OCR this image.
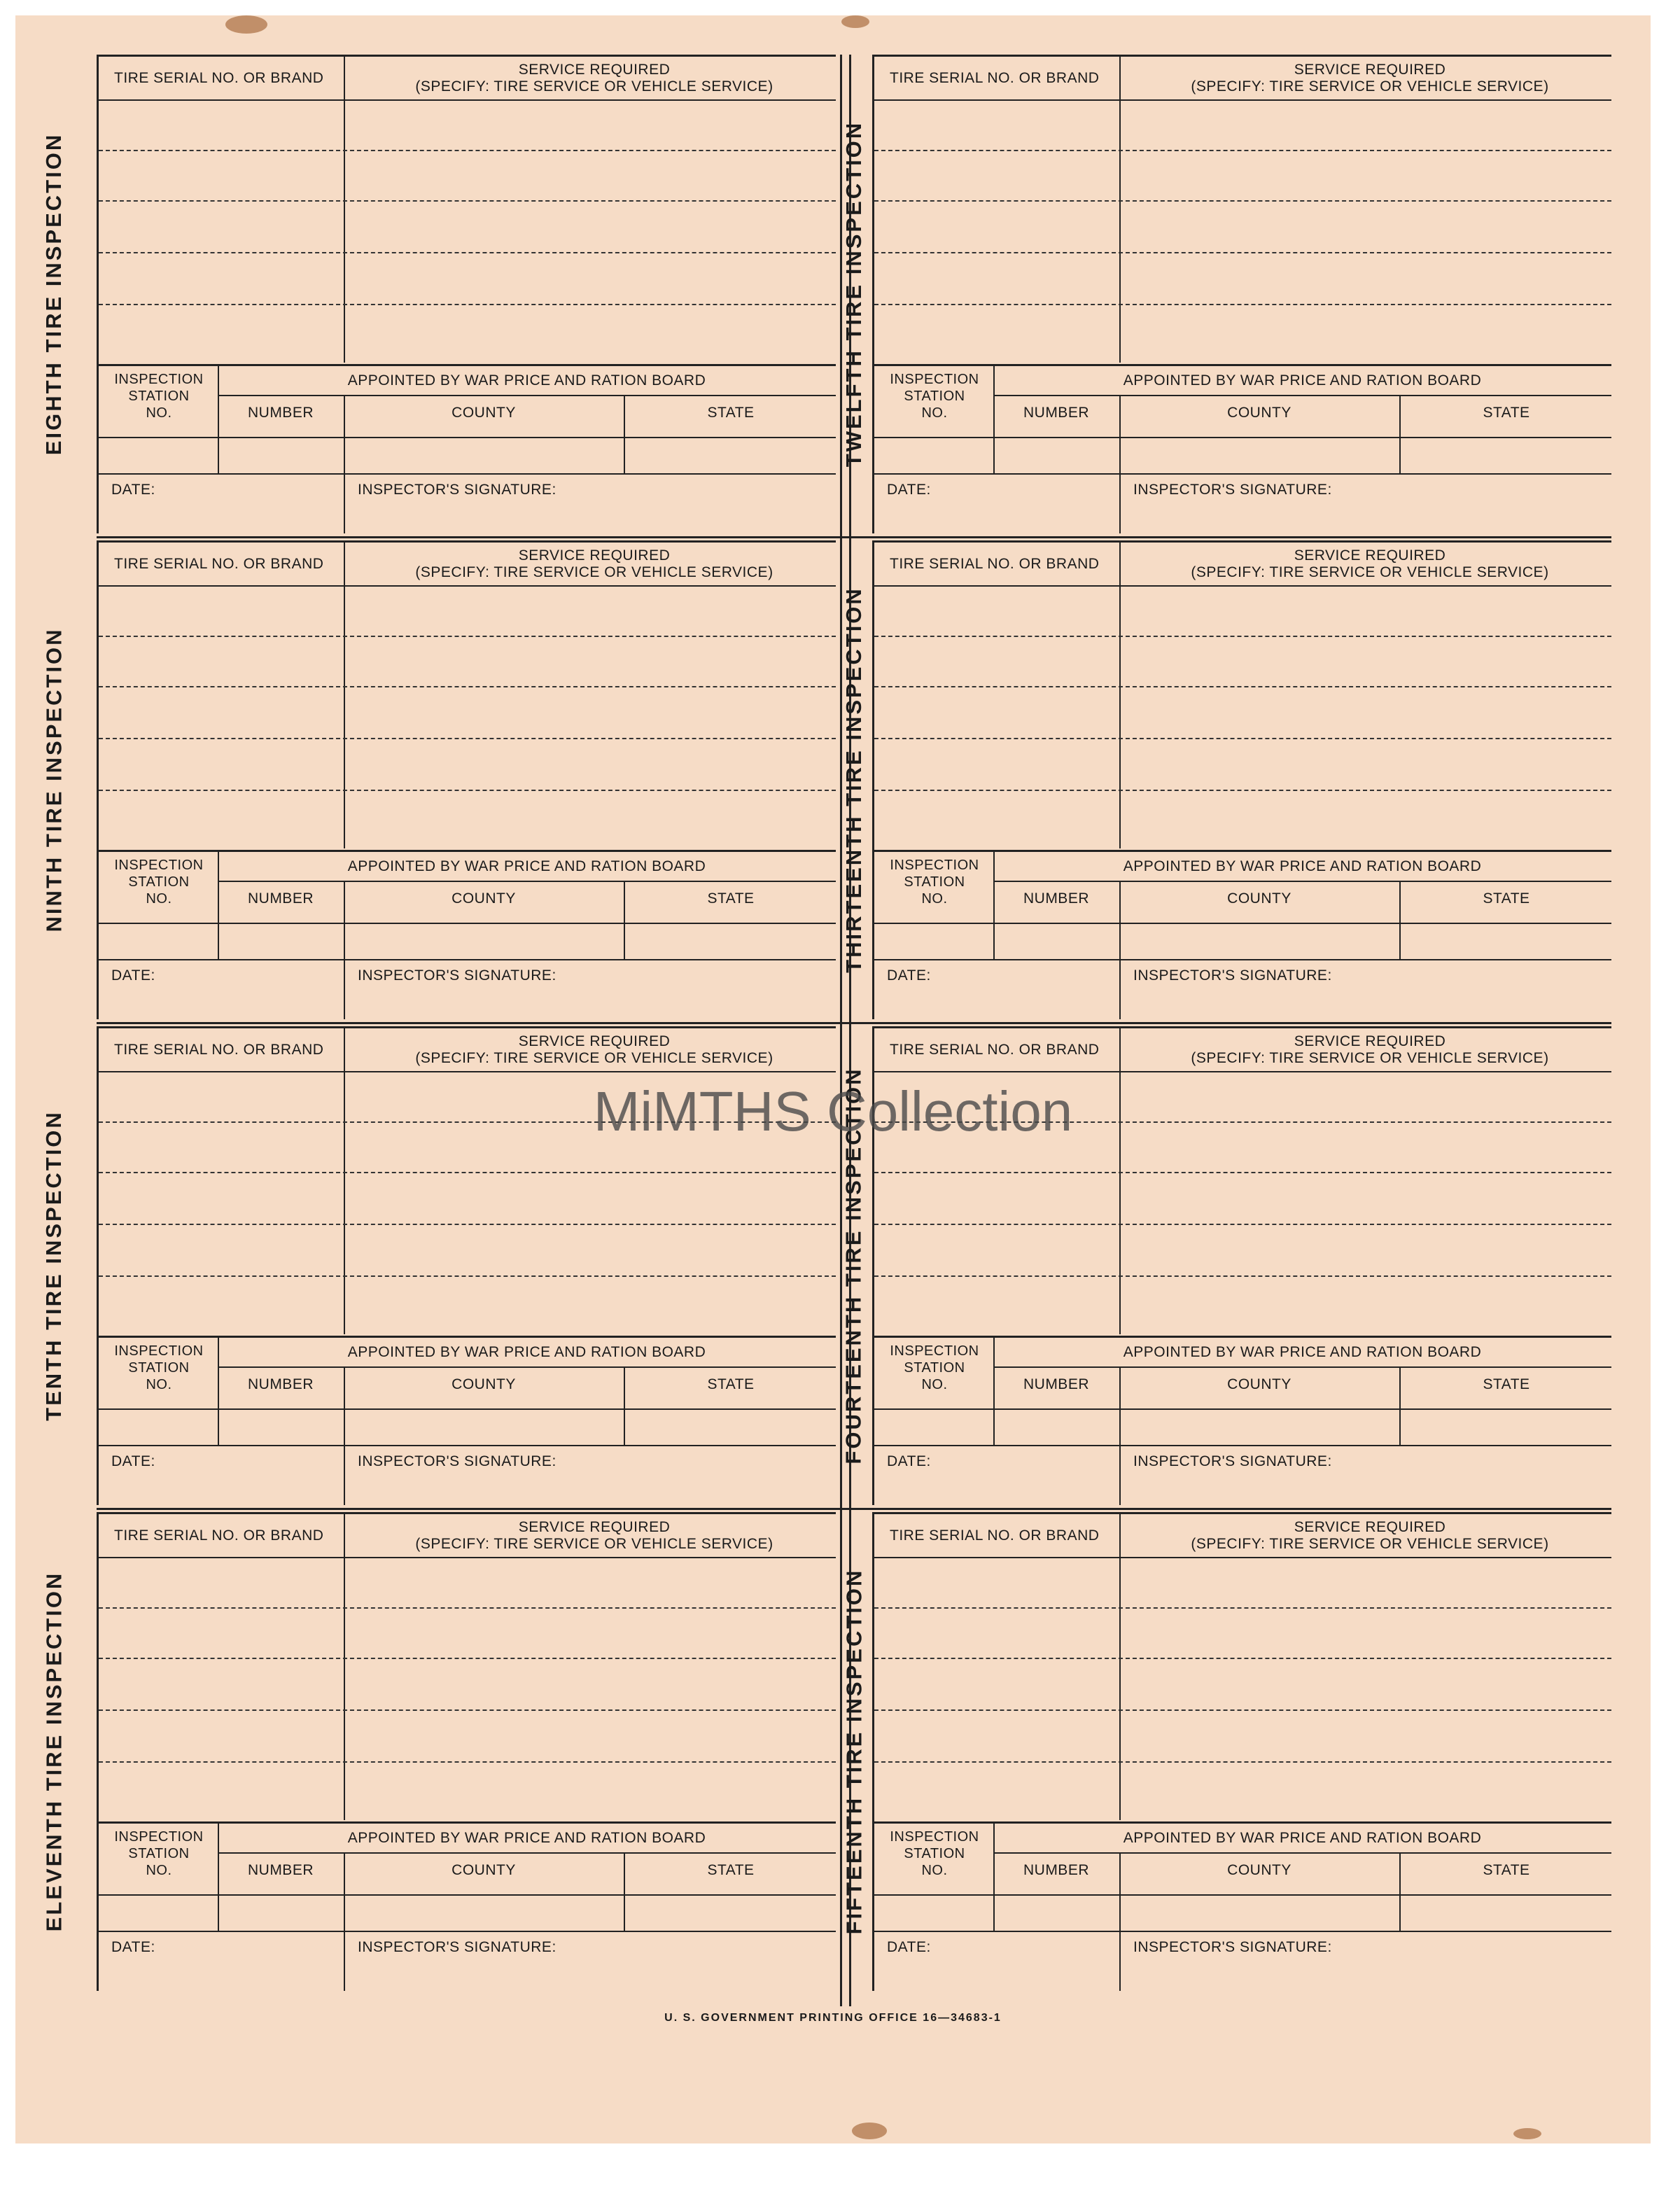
EIGHTH TIRE INSPECTION
TIRE SERIAL NO. OR BRAND
SERVICE REQUIRED
(SPECIFY: TIRE SERVICE OR VEHICLE SERVICE)
INSPECTION
STATION
NO.
APPOINTED BY WAR PRICE AND RATION BOARD
NUMBER	COUNTY	STATE
DATE:	INSPECTOR'S SIGNATURE:
NINTH TIRE INSPECTION
TIRE SERIAL NO. OR BRAND
SERVICE REQUIRED
(SPECIFY: TIRE SERVICE OR VEHICLE SERVICE)
INSPECTION
STATION
NO.
APPOINTED BY WAR PRICE AND RATION BOARD
NUMBER	COUNTY	STATE
DATE:	INSPECTOR'S SIGNATURE:
TENTH TIRE INSPECTION
TIRE SERIAL NO. OR BRAND
SERVICE REQUIRED
(SPECIFY: TIRE SERVICE OR VEHICLE SERVICE)
INSPECTION
STATION
NO.
APPOINTED BY WAR PRICE AND RATION BOARD
NUMBER	COUNTY	STATE
DATE:	INSPECTOR'S SIGNATURE:
ELEVENTH TIRE INSPECTION
TIRE SERIAL NO. OR BRAND
SERVICE REQUIRED
(SPECIFY: TIRE SERVICE OR VEHICLE SERVICE)
INSPECTION
STATION
NO.
APPOINTED BY WAR PRICE AND RATION BOARD
NUMBER	COUNTY	STATE
DATE:	INSPECTOR'S SIGNATURE:
TWELFTH TIRE INSPECTION
TIRE SERIAL NO. OR BRAND
SERVICE REQUIRED
(SPECIFY: TIRE SERVICE OR VEHICLE SERVICE)
INSPECTION
STATION
NO.
APPOINTED BY WAR PRICE AND RATION BOARD
NUMBER	COUNTY	STATE
DATE:	INSPECTOR'S SIGNATURE:
THIRTEENTH TIRE INSPECTION
TIRE SERIAL NO. OR BRAND
SERVICE REQUIRED
(SPECIFY: TIRE SERVICE OR VEHICLE SERVICE)
INSPECTION
STATION
NO.
APPOINTED BY WAR PRICE AND RATION BOARD
NUMBER	COUNTY	STATE
DATE:	INSPECTOR'S SIGNATURE:
FOURTEENTH TIRE INSPECTION
TIRE SERIAL NO. OR BRAND
SERVICE REQUIRED
(SPECIFY: TIRE SERVICE OR VEHICLE SERVICE)
INSPECTION
STATION
NO.
APPOINTED BY WAR PRICE AND RATION BOARD
NUMBER	COUNTY	STATE
DATE:	INSPECTOR'S SIGNATURE:
FIFTEENTH TIRE INSPECTION
TIRE SERIAL NO. OR BRAND
SERVICE REQUIRED
(SPECIFY: TIRE SERVICE OR VEHICLE SERVICE)
INSPECTION
STATION
NO.
APPOINTED BY WAR PRICE AND RATION BOARD
NUMBER	COUNTY	STATE
DATE:	INSPECTOR'S SIGNATURE:
MiMTHS Collection
U. S. GOVERNMENT PRINTING OFFICE 16—34683-1
